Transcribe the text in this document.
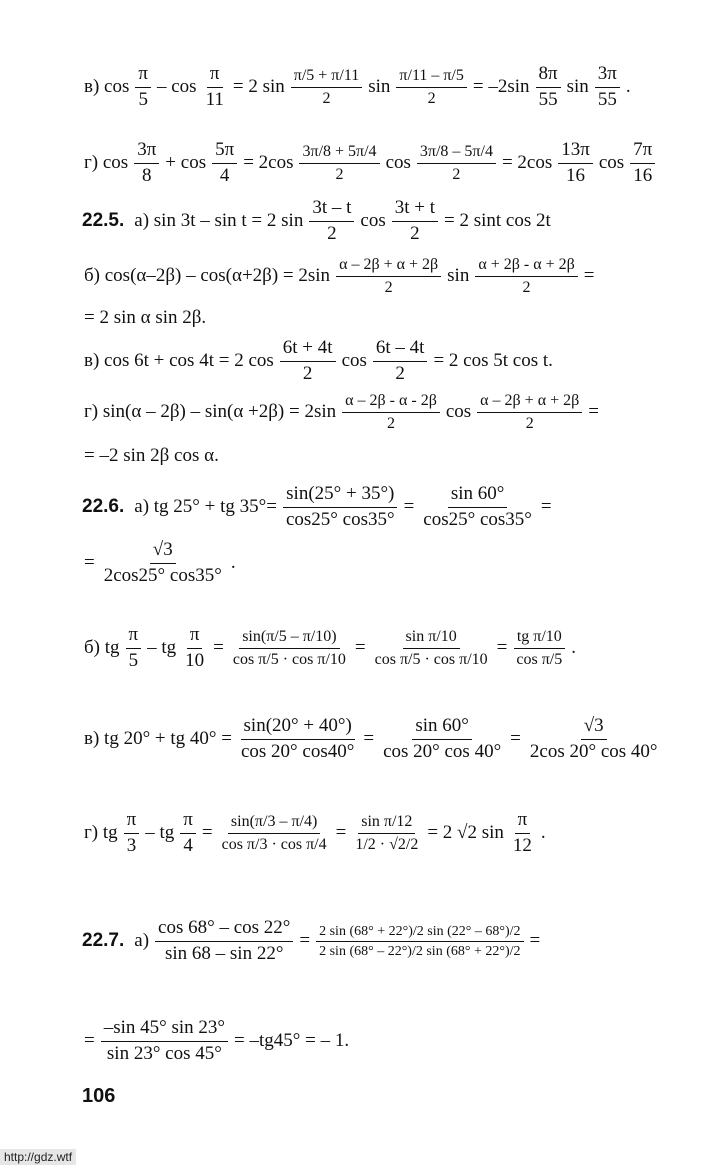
в) $\cos \frac{\pi}{5} - \cos \frac{\pi}{11} = 2$ $\sin \frac{\pi/5 + \pi/11}{2}$ $\sin \frac{\pi/11 - \pi/5}{2} = -2\sin \frac{8\pi}{55}$ $\sin \frac{3\pi}{55}$ .
г) $\cos \frac{3\pi}{8} + \cos \frac{5\pi}{4} = 2\cos \frac{3\pi/8 + 5\pi/4}{2}$ $\cos \frac{3\pi/8 - 5\pi/4}{2} = 2\cos \frac{13\pi}{16}$ $\cos \frac{7\pi}{16}$
22.5. а) sin 3t – sin t = 2 $\sin \frac{3t - t}{2}$ $\cos \frac{3t + t}{2} = 2$ sint cos 2t
б) $\cos(\alpha-2\beta) - \cos(\alpha+2\beta) = 2\sin \frac{\alpha - 2\beta + \alpha + 2\beta}{2}$ $\sin \frac{\alpha + 2\beta - \alpha + 2\beta}{2}$ =
= 2 sin α sin 2β.
в) cos 6t + cos 4t = 2 $\cos \frac{6t + 4t}{2}$ $\cos \frac{6t - 4t}{2} = 2$ cos 5t cos t.
г) $\sin(\alpha - 2\beta) - \sin(\alpha +2\beta) = 2\sin \frac{\alpha - 2\beta - \alpha - 2\beta}{2}$ $\cos \frac{\alpha - 2\beta + \alpha + 2\beta}{2}$ =
= –2 sin 2β cos α.
22.6. а) tg 25° + tg $35^\circ= \frac{\sin(25^\circ + 35^\circ)}{\cos 25^\circ \cos 35^\circ} = \frac{\sin 60^\circ}{\cos 25^\circ \cos 35^\circ}$ =
= $\frac{√3}{2\cos 25^\circ \cos 35^\circ}$ .
б) tg $\frac{\pi}{5}$ – tg $\frac{\pi}{10} = \frac{\sin(\pi/5 - \pi/10)}{\text{cos π/5 · cos π/10}} = \frac{\text{sin π/10}}{\text{cos π/5 · cos π/10}} = \frac{\text{tg π/10}}{\text{cos π/5}}$ .
в) tg 20° + tg $40^\circ = \frac{\sin(20^\circ + 40^\circ)}{\cos 20^\circ \cos 40^\circ} = \frac{\sin 60^\circ}{\cos 20^\circ \cos 40^\circ} = \frac{√3}{2\cos 20^\circ \cos 40^\circ}$
г) tg $\frac{\pi}{3}$ – tg $\frac{\pi}{4} = \frac{\sin(\pi/3 - \pi/4)}{\text{cos π/3 · cos π/4}} = \frac{\text{sin π/12}}{1/2 \cdot √2/2} = 2$ √2 $\sin \frac{\pi}{12}$ .
22.7. $а) \frac{\cos 68^\circ - \cos 22^\circ}{\sin 68 - \sin 22^\circ} = \frac{2 \sin (68^\circ + 22^\circ)/2 \sin (22^\circ - 68^\circ)/2}{2 \sin (68^\circ - 22^\circ)/2 \sin (68^\circ + 22^\circ)/2}$ =
= $\frac{-\sin 45^\circ \sin 23^\circ}{\sin 23^\circ \cos 45^\circ} = -tg45^\circ$ = – 1.
106
http://gdz.wtf
